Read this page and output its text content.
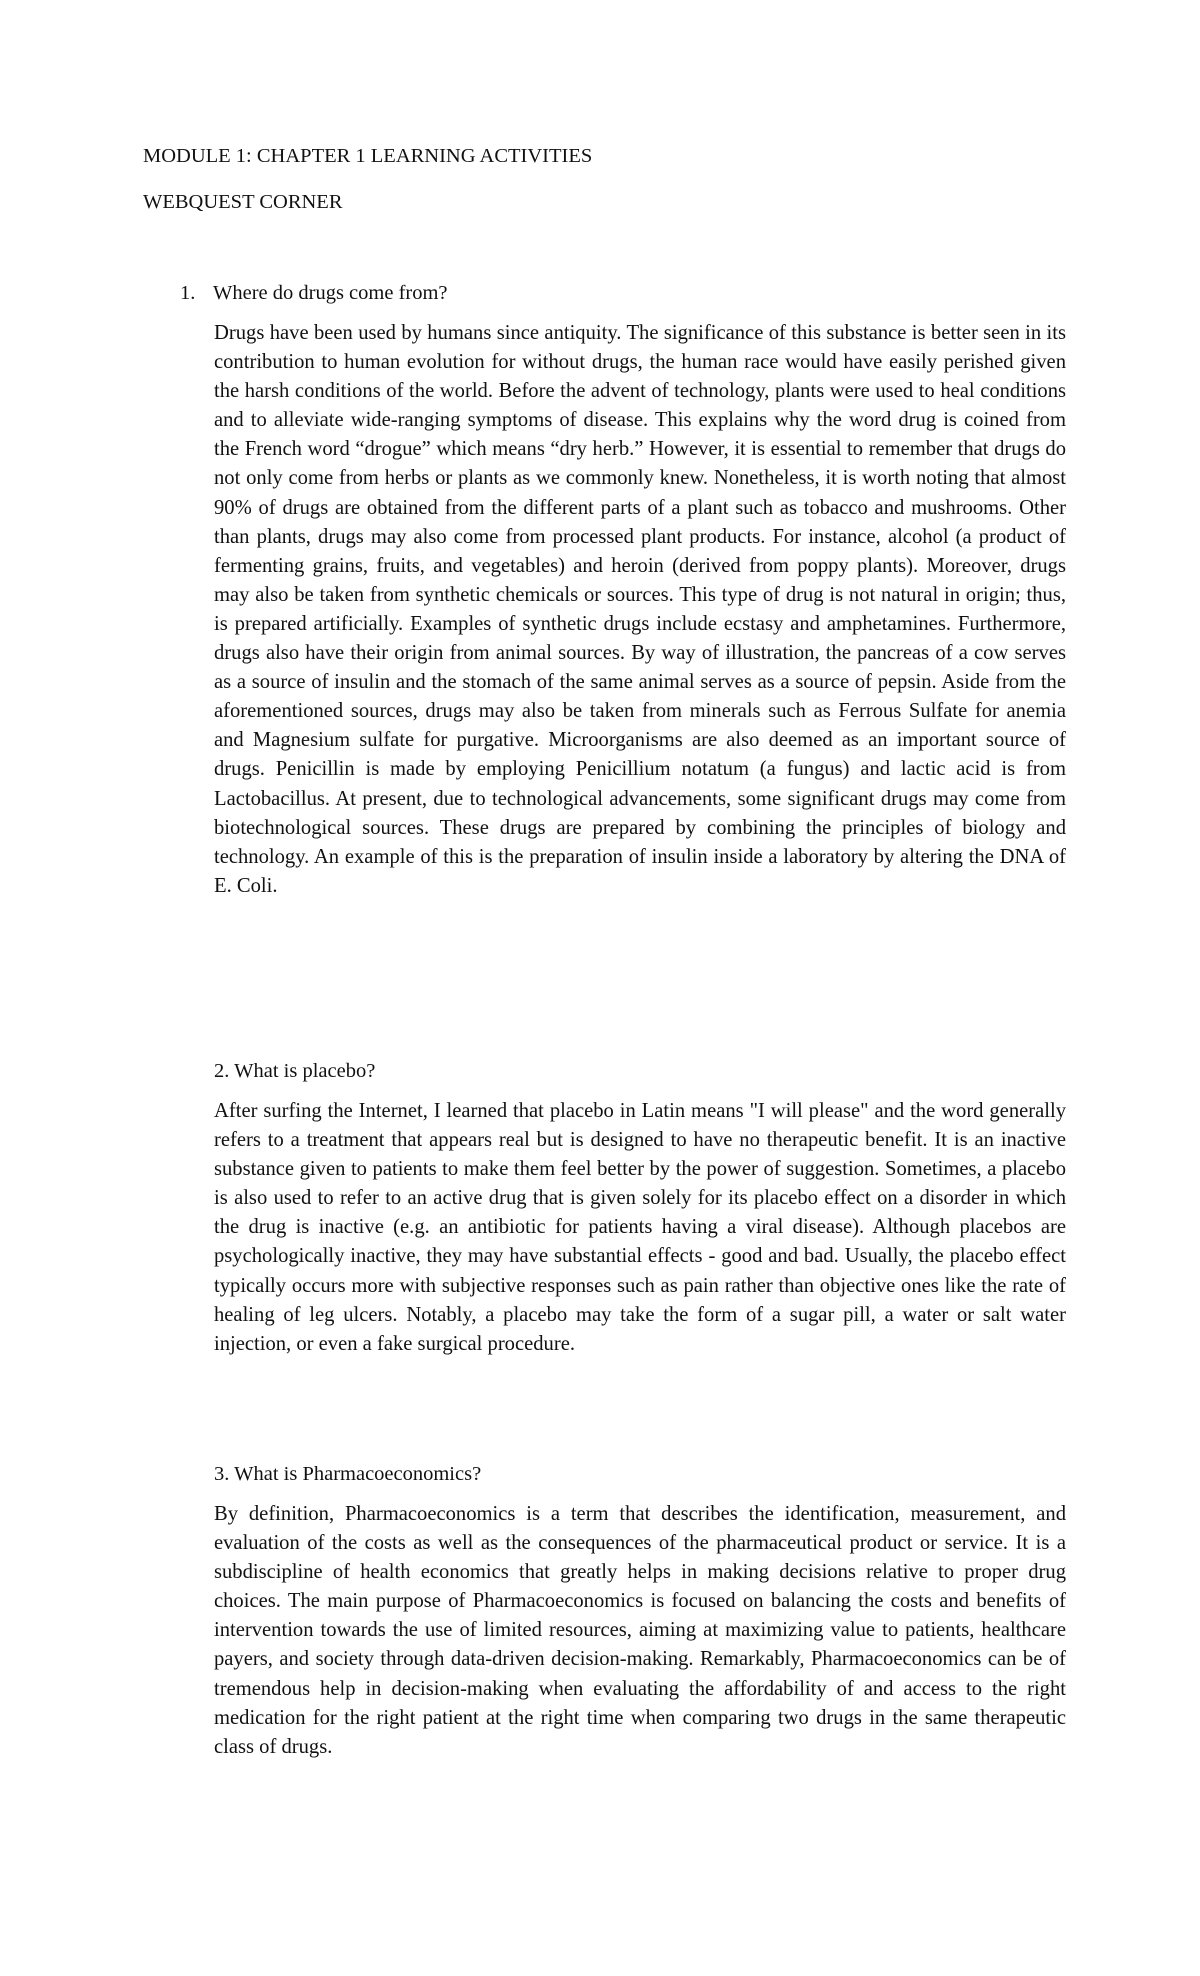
MODULE 1: CHAPTER 1 LEARNING ACTIVITIES
WEBQUEST CORNER
1. Where do drugs come from?

Drugs have been used by humans since antiquity. The significance of this substance is better seen in its contribution to human evolution for without drugs, the human race would have easily perished given the harsh conditions of the world. Before the advent of technology, plants were used to heal conditions and to alleviate wide-ranging symptoms of disease. This explains why the word drug is coined from the French word “drogue” which means “dry herb.” However, it is essential to remember that drugs do not only come from herbs or plants as we commonly knew. Nonetheless, it is worth noting that almost 90% of drugs are obtained from the different parts of a plant such as tobacco and mushrooms. Other than plants, drugs may also come from processed plant products. For instance, alcohol (a product of fermenting grains, fruits, and vegetables) and heroin (derived from poppy plants). Moreover, drugs may also be taken from synthetic chemicals or sources. This type of drug is not natural in origin; thus, is prepared artificially. Examples of synthetic drugs include ecstasy and amphetamines. Furthermore, drugs also have their origin from animal sources. By way of illustration, the pancreas of a cow serves as a source of insulin and the stomach of the same animal serves as a source of pepsin. Aside from the aforementioned sources, drugs may also be taken from minerals such as Ferrous Sulfate for anemia and Magnesium sulfate for purgative. Microorganisms are also deemed as an important source of drugs. Penicillin is made by employing Penicillium notatum (a fungus) and lactic acid is from Lactobacillus. At present, due to technological advancements, some significant drugs may come from biotechnological sources. These drugs are prepared by combining the principles of biology and technology. An example of this is the preparation of insulin inside a laboratory by altering the DNA of E. Coli.

2. What is placebo?

After surfing the Internet, I learned that placebo in Latin means "I will please" and the word generally refers to a treatment that appears real but is designed to have no therapeutic benefit. It is an inactive substance given to patients to make them feel better by the power of suggestion. Sometimes, a placebo is also used to refer to an active drug that is given solely for its placebo effect on a disorder in which the drug is inactive (e.g. an antibiotic for patients having a viral disease). Although placebos are psychologically inactive, they may have substantial effects - good and bad. Usually, the placebo effect typically occurs more with subjective responses such as pain rather than objective ones like the rate of healing of leg ulcers. Notably, a placebo may take the form of a sugar pill, a water or salt water injection, or even a fake surgical procedure.

3. What is Pharmacoeconomics?

By definition, Pharmacoeconomics is a term that describes the identification, measurement, and evaluation of the costs as well as the consequences of the pharmaceutical product or service. It is a subdiscipline of health economics that greatly helps in making decisions relative to proper drug choices. The main purpose of Pharmacoeconomics is focused on balancing the costs and benefits of intervention towards the use of limited resources, aiming at maximizing value to patients, healthcare payers, and society through data-driven decision-making. Remarkably, Pharmacoeconomics can be of tremendous help in decision-making when evaluating the affordability of and access to the right medication for the right patient at the right time when comparing two drugs in the same therapeutic class of drugs.
